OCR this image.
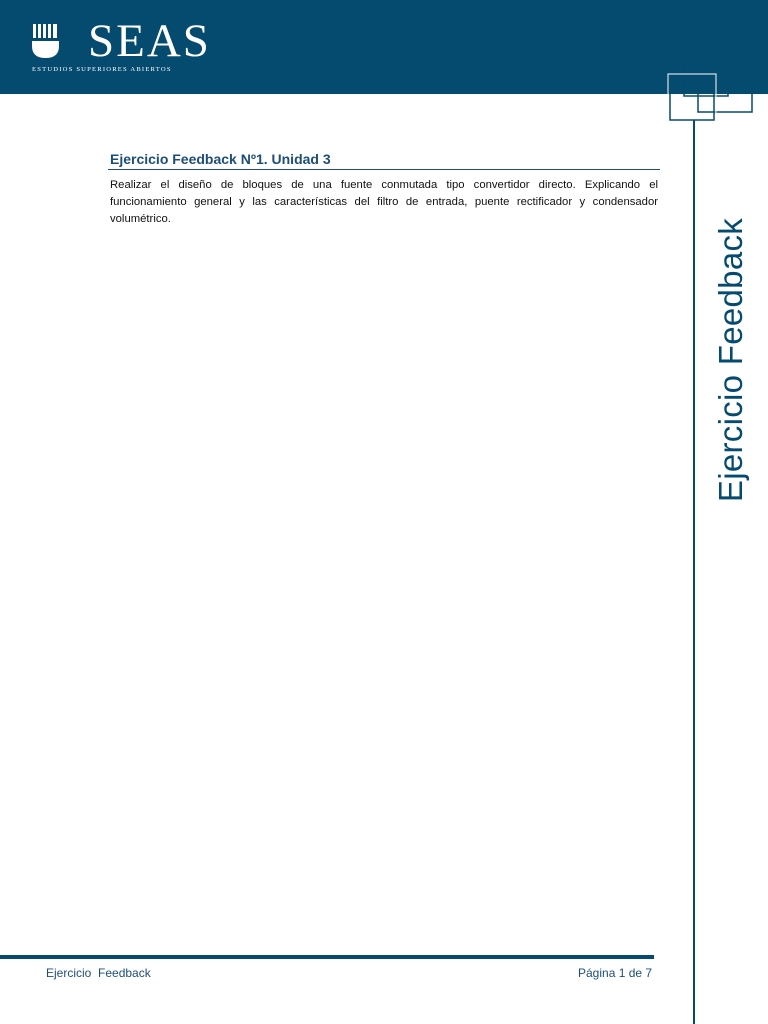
SEAS
ESTUDIOS SUPERIORES ABIERTOS
Ejercicio Feedback
Ejercicio Feedback Nº1. Unidad 3
Realizar el diseño de bloques de una fuente conmutada tipo convertidor directo. Explicando el funcionamiento general y las características del filtro de entrada, puente rectificador y condensador volumétrico.
Ejercicio  Feedback	Página 1 de 7
